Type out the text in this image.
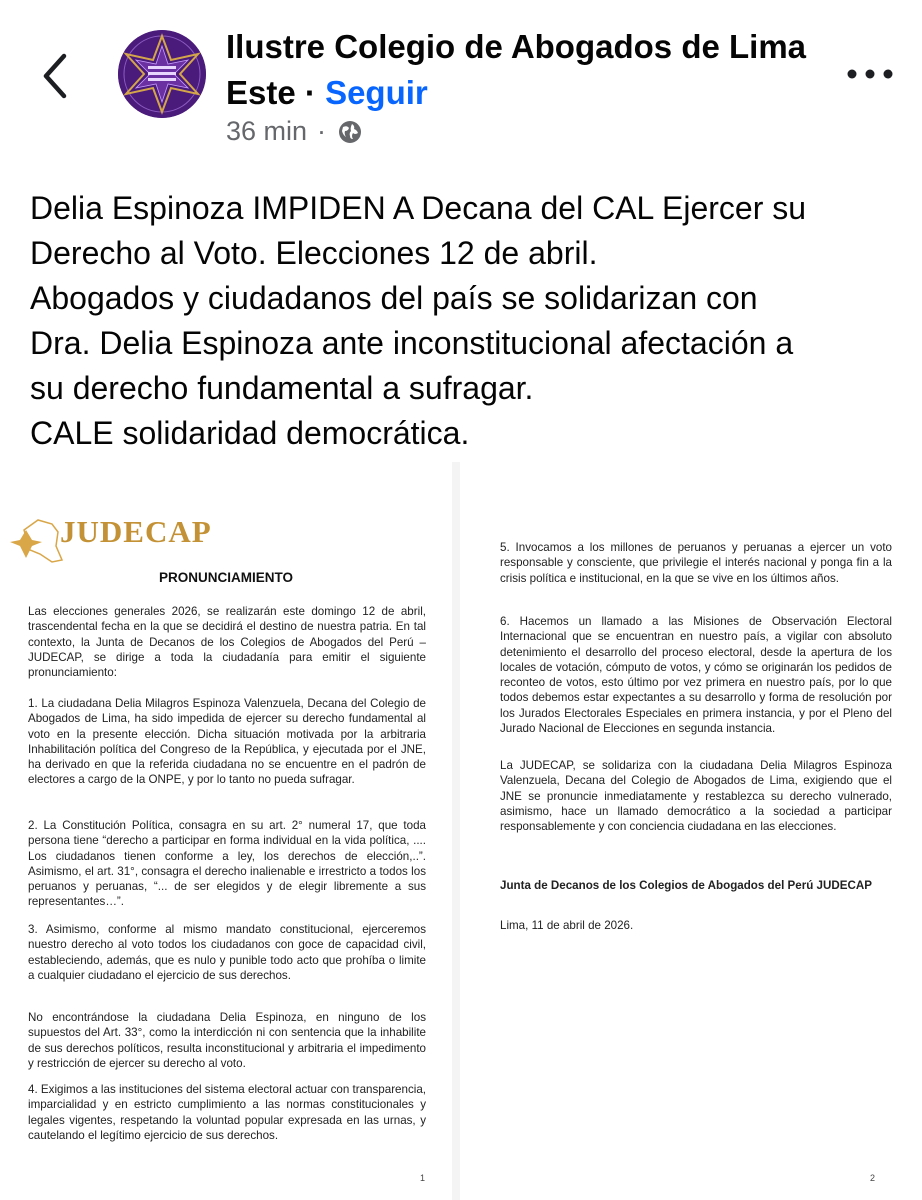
Ilustre Colegio de Abogados de Lima Este · Seguir
36 min ·
Delia Espinoza IMPIDEN A Decana del CAL Ejercer su
Derecho al Voto. Elecciones 12 de abril.
Abogados y ciudadanos del país se solidarizan con
Dra. Delia Espinoza ante inconstitucional afectación a
su derecho fundamental a sufragar.
CALE solidaridad democrática.
JUDECAP
PRONUNCIAMIENTO
Las elecciones generales 2026, se realizarán este domingo 12 de abril, trascendental fecha en la que se decidirá el destino de nuestra patria. En tal contexto, la Junta de Decanos de los Colegios de Abogados del Perú – JUDECAP, se dirige a toda la ciudadanía para emitir el siguiente pronunciamiento:
1. La ciudadana Delia Milagros Espinoza Valenzuela, Decana del Colegio de Abogados de Lima, ha sido impedida de ejercer su derecho fundamental al voto en la presente elección. Dicha situación motivada por la arbitraria Inhabilitación política del Congreso de la República, y ejecutada por el JNE, ha derivado en que la referida ciudadana no se encuentre en el padrón de electores a cargo de la ONPE, y por lo tanto no pueda sufragar.
2. La Constitución Política, consagra en su art. 2° numeral 17, que toda persona tiene “derecho a participar en forma individual en la vida política, .... Los ciudadanos tienen conforme a ley, los derechos de elección,..”. Asimismo, el art. 31°, consagra el derecho inalienable e irrestricto a todos los peruanos y peruanas, “... de ser elegidos y de elegir libremente a sus representantes…”.
3. Asimismo, conforme al mismo mandato constitucional, ejerceremos nuestro derecho al voto todos los ciudadanos con goce de capacidad civil, estableciendo, además, que es nulo y punible todo acto que prohíba o limite a cualquier ciudadano el ejercicio de sus derechos.
No encontrándose la ciudadana Delia Espinoza, en ninguno de los supuestos del Art. 33°, como la interdicción ni con sentencia que la inhabilite de sus derechos políticos, resulta inconstitucional y arbitraria el impedimento y restricción de ejercer su derecho al voto.
4. Exigimos a las instituciones del sistema electoral actuar con transparencia, imparcialidad y en estricto cumplimiento a las normas constitucionales y legales vigentes, respetando la voluntad popular expresada en las urnas, y cautelando el legítimo ejercicio de sus derechos.
1
5. Invocamos a los millones de peruanos y peruanas a ejercer un voto responsable y consciente, que privilegie el interés nacional y ponga fin a la crisis política e institucional, en la que se vive en los últimos años.
6. Hacemos un llamado a las Misiones de Observación Electoral Internacional que se encuentran en nuestro país, a vigilar con absoluto detenimiento el desarrollo del proceso electoral, desde la apertura de los locales de votación, cómputo de votos, y cómo se originarán los pedidos de reconteo de votos, esto último por vez primera en nuestro país, por lo que todos debemos estar expectantes a su desarrollo y forma de resolución por los Jurados Electorales Especiales en primera instancia, y por el Pleno del Jurado Nacional de Elecciones en segunda instancia.
La JUDECAP, se solidariza con la ciudadana Delia Milagros Espinoza Valenzuela, Decana del Colegio de Abogados de Lima, exigiendo que el JNE se pronuncie inmediatamente y restablezca su derecho vulnerado, asimismo, hace un llamado democrático a la sociedad a participar responsablemente y con conciencia ciudadana en las elecciones.
Junta de Decanos de los Colegios de Abogados del Perú JUDECAP
Lima, 11 de abril de 2026.
2
